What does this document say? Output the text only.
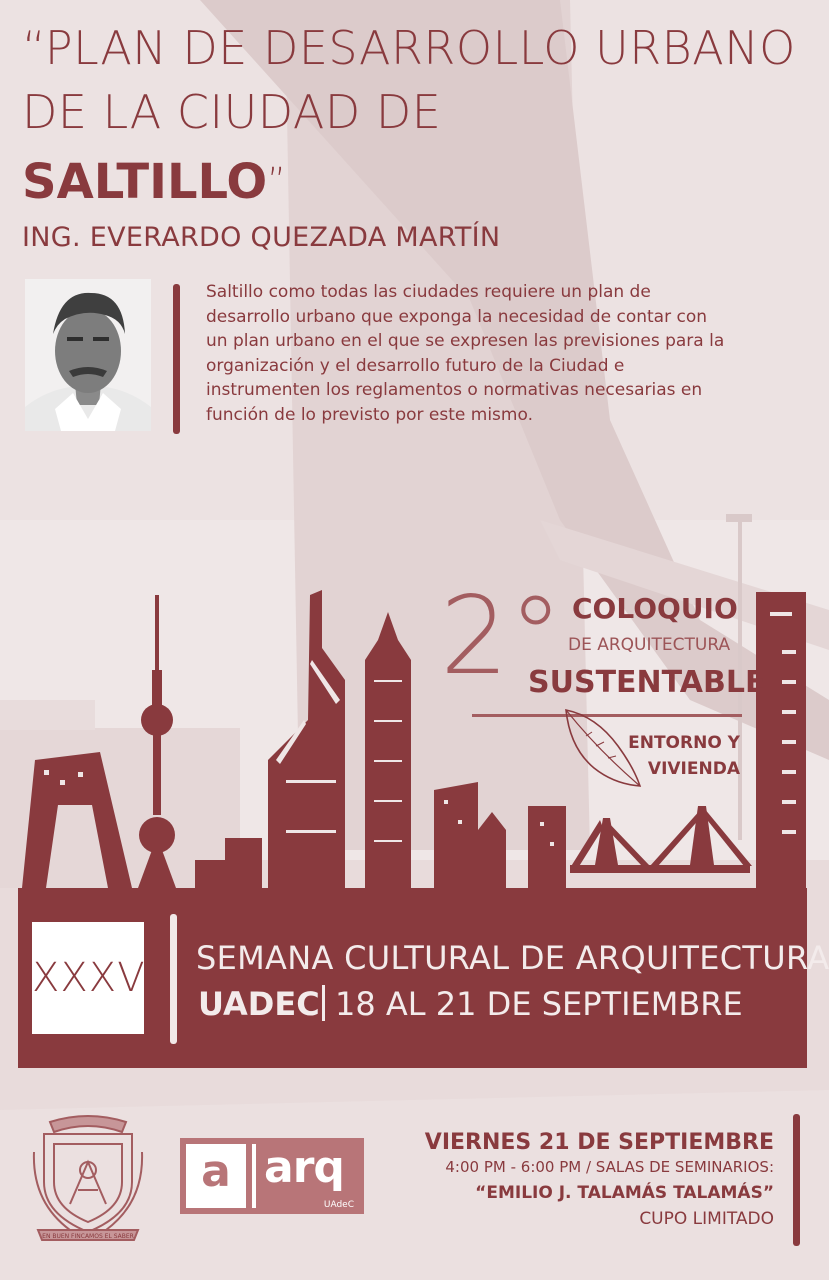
“PLAN DE DESARROLLO URBANO
DE LA CIUDAD DE
SALTILLO”
ING. EVERARDO QUEZADA MARTÍN
Saltillo como todas las ciudades requiere un plan de
desarrollo urbano que exponga la necesidad de contar con
un plan urbano en el que se expresen las previsiones para la
organización y el desarrollo futuro de la Ciudad e
instrumenten los reglamentos o normativas necesarias en
función de lo previsto por este mismo.
2° COLOQUIO
DE ARQUITECTURA
SUSTENTABLE
ENTORNO Y
VIVIENDA
XXXV SEMANA CULTURAL DE ARQUITECTURA
UADEC 18 AL 21 DE SEPTIEMBRE
EN BUEN FINCAMOS EL SABER
a arq
UAdeC
VIERNES 21 DE SEPTIEMBRE
4:00 PM - 6:00 PM / SALAS DE SEMINARIOS:
“EMILIO J. TALAMÁS TALAMÁS”
CUPO LIMITADO
